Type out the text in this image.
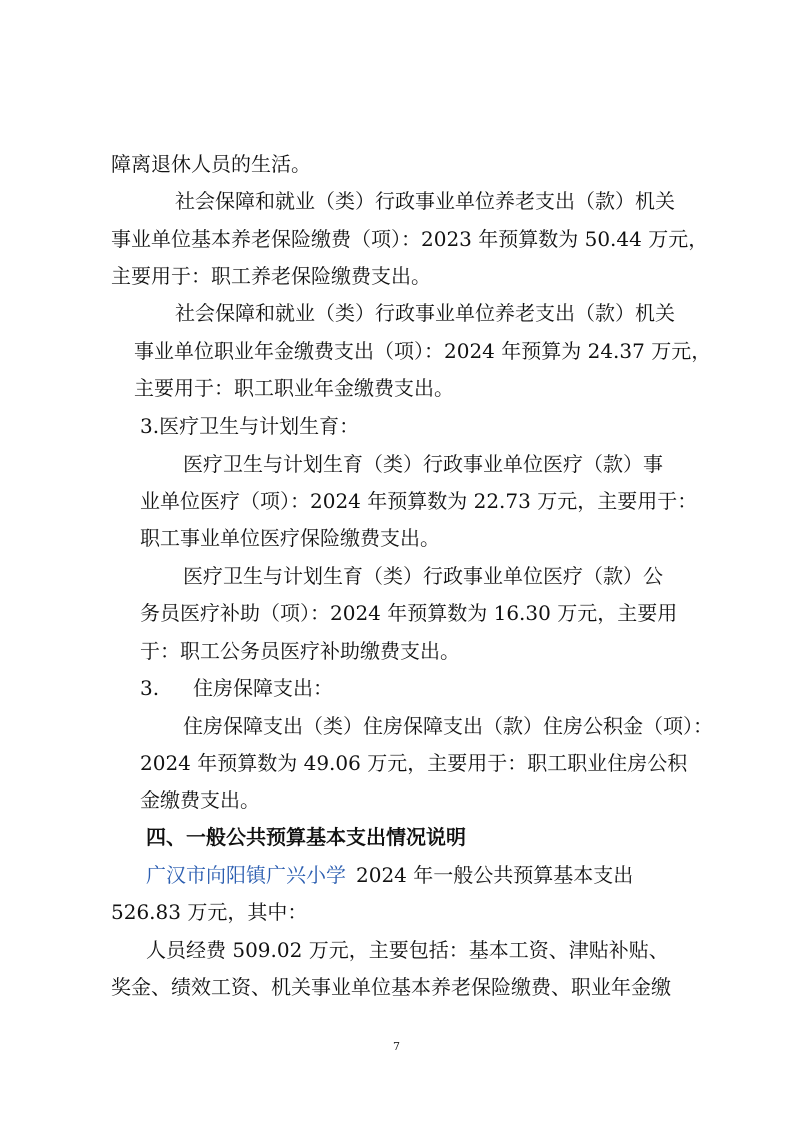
障离退休人员的生活。

社会保障和就业（类）行政事业单位养老支出（款）机关

事业单位基本养老保险缴费（项）：2023 年预算数为 50.44 万元，

主要用于：职工养老保险缴费支出。

社会保障和就业（类）行政事业单位养老支出（款）机关

事业单位职业年金缴费支出（项）：2024 年预算为 24.37 万元，

主要用于：职工职业年金缴费支出。

3.医疗卫生与计划生育：

医疗卫生与计划生育（类）行政事业单位医疗（款）事

业单位医疗（项）：2024 年预算数为 22.73 万元，主要用于：

职工事业单位医疗保险缴费支出。

医疗卫生与计划生育（类）行政事业单位医疗（款）公

务员医疗补助（项）：2024 年预算数为 16.30 万元，主要用

于：职工公务员医疗补助缴费支出。

3. 住房保障支出：

住房保障支出（类）住房保障支出（款）住房公积金（项）：

2024 年预算数为 49.06 万元，主要用于：职工职业住房公积

金缴费支出。

四、一般公共预算基本支出情况说明

广汉市向阳镇广兴小学 2024 年一般公共预算基本支出

526.83 万元，其中：

人员经费 509.02 万元，主要包括：基本工资、津贴补贴、

奖金、绩效工资、机关事业单位基本养老保险缴费、职业年金缴

7
